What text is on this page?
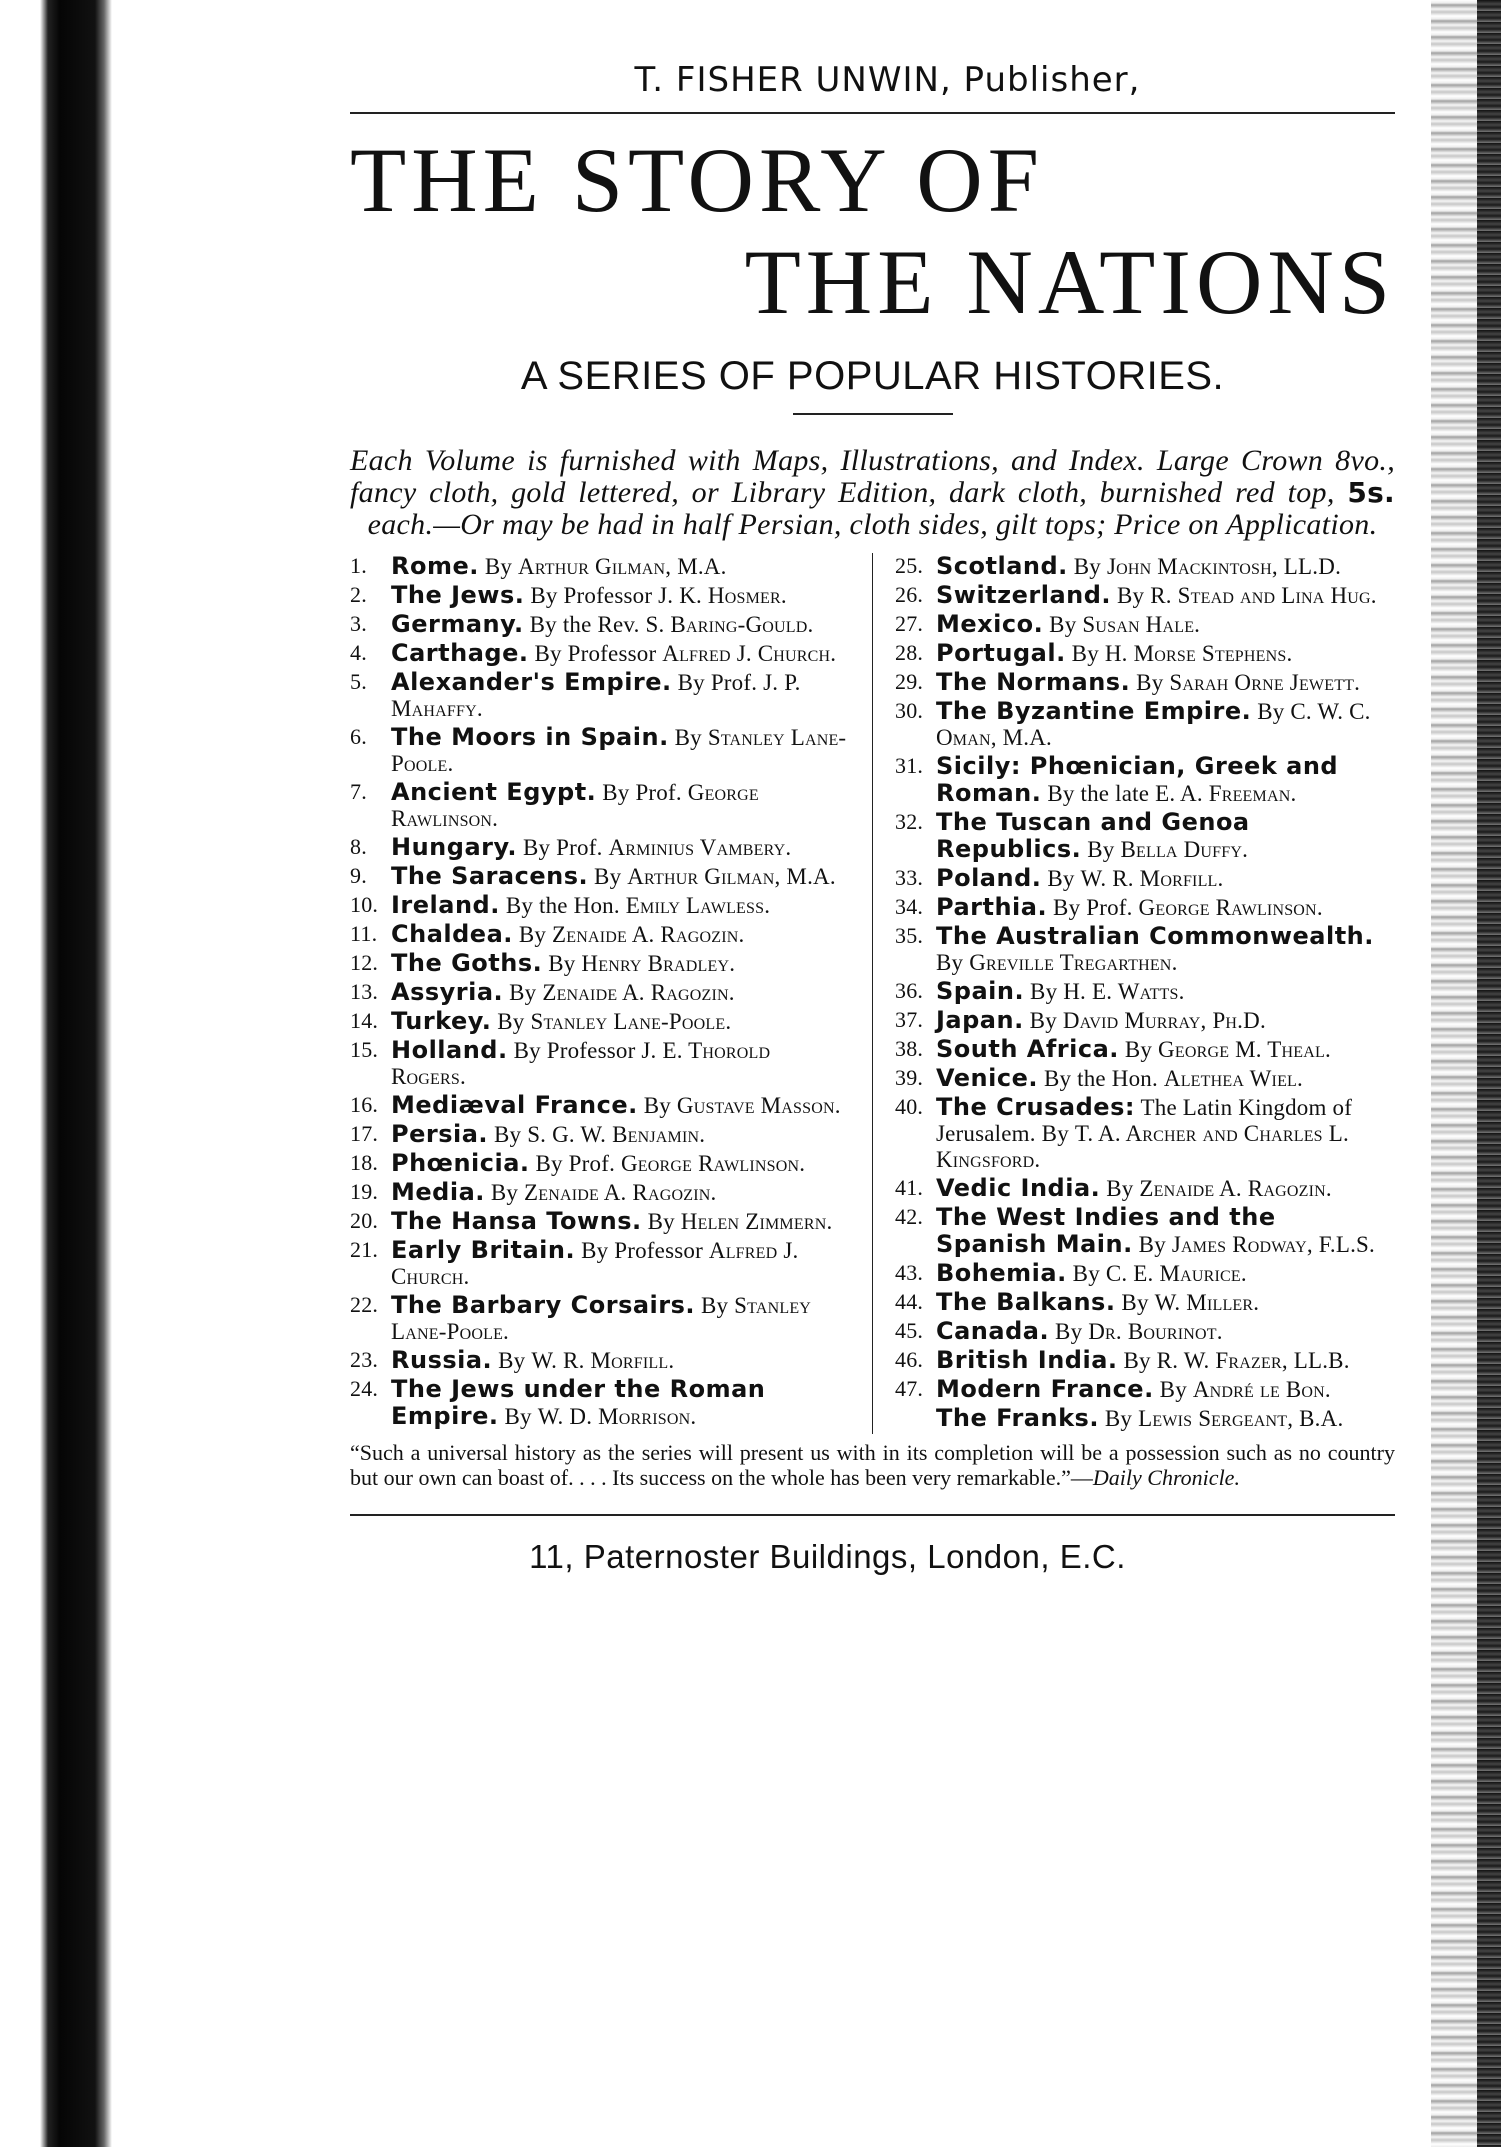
T. FISHER UNWIN, Publisher,
THE STORY OF
THE NATIONS
A SERIES OF POPULAR HISTORIES.
Each Volume is furnished with Maps, Illustrations, and Index. Large Crown 8vo., fancy cloth, gold lettered, or Library Edition, dark cloth, burnished red top, 5s. each.—Or may be had in half Persian, cloth sides, gilt tops; Price on Application.
1. Rome. By Arthur Gilman, M.A.
2. The Jews. By Professor J. K. Hosmer.
3. Germany. By the Rev. S. Baring-Gould.
4. Carthage. By Professor Alfred J. Church.
5. Alexander's Empire. By Prof. J. P. Mahaffy.
6. The Moors in Spain. By Stanley Lane-Poole.
7. Ancient Egypt. By Prof. George Rawlinson.
8. Hungary. By Prof. Arminius Vambery.
9. The Saracens. By Arthur Gilman, M.A.
10. Ireland. By the Hon. Emily Lawless.
11. Chaldea. By Zenaide A. Ragozin.
12. The Goths. By Henry Bradley.
13. Assyria. By Zenaide A. Ragozin.
14. Turkey. By Stanley Lane-Poole.
15. Holland. By Professor J. E. Thorold Rogers.
16. Mediæval France. By Gustave Masson.
17. Persia. By S. G. W. Benjamin.
18. Phœnicia. By Prof. George Rawlinson.
19. Media. By Zenaide A. Ragozin.
20. The Hansa Towns. By Helen Zimmern.
21. Early Britain. By Professor Alfred J. Church.
22. The Barbary Corsairs. By Stanley Lane-Poole.
23. Russia. By W. R. Morfill.
24. The Jews under the Roman Empire. By W. D. Morrison.
25. Scotland. By John Mackintosh, LL.D.
26. Switzerland. By R. Stead and Lina Hug.
27. Mexico. By Susan Hale.
28. Portugal. By H. Morse Stephens.
29. The Normans. By Sarah Orne Jewett.
30. The Byzantine Empire. By C. W. C. Oman, M.A.
31. Sicily: Phœnician, Greek and Roman. By the late E. A. Freeman.
32. The Tuscan and Genoa Republics. By Bella Duffy.
33. Poland. By W. R. Morfill.
34. Parthia. By Prof. George Rawlinson.
35. The Australian Commonwealth. By Greville Tregarthen.
36. Spain. By H. E. Watts.
37. Japan. By David Murray, Ph.D.
38. South Africa. By George M. Theal.
39. Venice. By the Hon. Alethea Wiel.
40. The Crusades: The Latin Kingdom of Jerusalem. By T. A. Archer and Charles L. Kingsford.
41. Vedic India. By Zenaide A. Ragozin.
42. The West Indies and the Spanish Main. By James Rodway, F.L.S.
43. Bohemia. By C. E. Maurice.
44. The Balkans. By W. Miller.
45. Canada. By Dr. Bourinot.
46. British India. By R. W. Frazer, LL.B.
47. Modern France. By André le Bon.
The Franks. By Lewis Sergeant, B.A.
“Such a universal history as the series will present us with in its completion will be a possession such as no country but our own can boast of. . . . Its success on the whole has been very remarkable.”—Daily Chronicle.
11, Paternoster Buildings, London, E.C.
